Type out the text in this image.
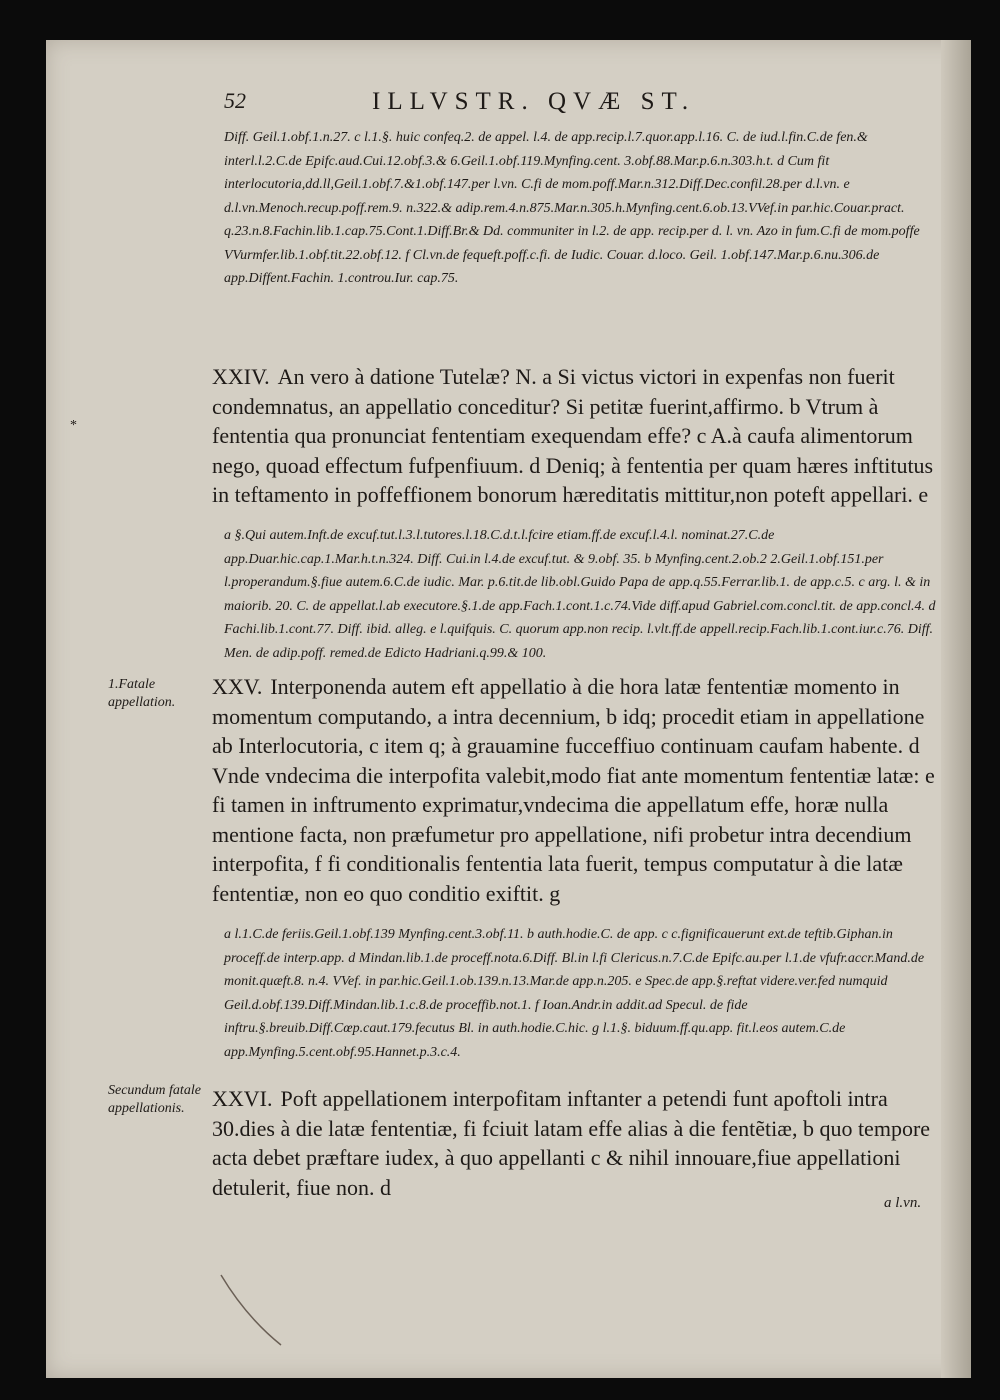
52	ILLVSTR. QVÆ ST.

Diff. Geil.1.obf.1.n.27. c l.1.§. huic confeq.2. de appel. l.4. de app.recip.l.7.quor.app.l.16. C. de iud.l.fin.C.de fen.& interl.l.2.C.de Epifc.aud.Cui.12.obf.3.& 6.Geil.1.obf.119.Mynfing.cent. 3.obf.88.Mar.p.6.n.303.h.t. d Cum fit interlocutoria,dd.ll,Geil.1.obf.7.&1.obf.147.per l.vn. C.fi de mom.poff.Mar.n.312.Diff.Dec.confil.28.per d.l.vn. e d.l.vn.Menoch.recup.poff.rem.9. n.322.& adip.rem.4.n.875.Mar.n.305.h.Mynfing.cent.6.ob.13.VVef.in par.hic.Couar.pract. q.23.n.8.Fachin.lib.1.cap.75.Cont.1.Diff.Br.& Dd. communiter in l.2. de app. recip.per d. l. vn. Azo in fum.C.fi de mom.poffe VVurmfer.lib.1.obf.tit.22.obf.12. f Cl.vn.de fequeft.poff.c.fi. de Iudic. Couar. d.loco. Geil. 1.obf.147.Mar.p.6.nu.306.de app.Diffent.Fachin. 1.controu.Iur. cap.75.

XXIV. An vero à datione Tutelæ? N. a Si victus victori in expenfas non fuerit condemnatus, an appellatio conceditur? Si petitæ fuerint,affirmo. b Vtrum à fententia qua pronunciat fententiam exequendam effe? c A.à caufa alimentorum nego, quoad effectum fufpenfiuum. d Deniq; à fententia per quam hæres inftitutus in teftamento in poffeffionem bonorum hæreditatis mittitur,non poteft appellari. e

*

a §.Qui autem.Inft.de excuf.tut.l.3.l.tutores.l.18.C.d.t.l.fcire etiam.ff.de excuf.l.4.l. nominat.27.C.de app.Duar.hic.cap.1.Mar.h.t.n.324. Diff. Cui.in l.4.de excuf.tut. & 9.obf. 35. b Mynfing.cent.2.ob.2 2.Geil.1.obf.151.per l.properandum.§.fiue autem.6.C.de iudic. Mar. p.6.tit.de lib.obl.Guido Papa de app.q.55.Ferrar.lib.1. de app.c.5. c arg. l. & in maiorib. 20. C. de appellat.l.ab executore.§.1.de app.Fach.1.cont.1.c.74.Vide diff.apud Gabriel.com.concl.tit. de app.concl.4. d Fachi.lib.1.cont.77. Diff. ibid. alleg. e l.quifquis. C. quorum app.non recip. l.vlt.ff.de appell.recip.Fach.lib.1.cont.iur.c.76. Diff. Men. de adip.poff. remed.de Edicto Hadriani.q.99.& 100.

1.Fatale appellation.

XXV. Interponenda autem eft appellatio à die hora latæ fententiæ momento in momentum computando, a intra decennium, b idq; procedit etiam in appellatione ab Interlocutoria, c item q; à grauamine fucceffiuo continuam caufam habente. d Vnde vndecima die interpofita valebit,modo fiat ante momentum fententiæ latæ: e fi tamen in inftrumento exprimatur,vndecima die appellatum effe, horæ nulla mentione facta, non præfumetur pro appellatione, nifi probetur intra decendium interpofita, f fi conditionalis fententia lata fuerit, tempus computatur à die latæ fententiæ, non eo quo conditio exiftit. g

a l.1.C.de feriis.Geil.1.obf.139 Mynfing.cent.3.obf.11. b auth.hodie.C. de app. c c.fignificauerunt ext.de teftib.Giphan.in proceff.de interp.app. d Mindan.lib.1.de proceff.nota.6.Diff. Bl.in l.fi Clericus.n.7.C.de Epifc.au.per l.1.de vfufr.accr.Mand.de monit.quæft.8. n.4. VVef. in par.hic.Geil.1.ob.139.n.13.Mar.de app.n.205. e Spec.de app.§.reftat videre.ver.fed numquid Geil.d.obf.139.Diff.Mindan.lib.1.c.8.de proceffib.not.1. f Ioan.Andr.in addit.ad Specul. de fide inftru.§.breuib.Diff.Cœp.caut.179.fecutus Bl. in auth.hodie.C.hic. g l.1.§. biduum.ff.qu.app. fit.l.eos autem.C.de app.Mynfing.5.cent.obf.95.Hannet.p.3.c.4.

Secundum fatale appellationis.	XXVI. Poft appellationem interpofitam inftanter a petendi funt apoftoli intra 30.dies à die latæ fententiæ, fi fciuit latam effe alias à die fentẽtiæ, b quo tempore acta debet præftare iudex, à quo appellanti c & nihil innouare,fiue appellationi detulerit, fiue non. d

a l.vn.
